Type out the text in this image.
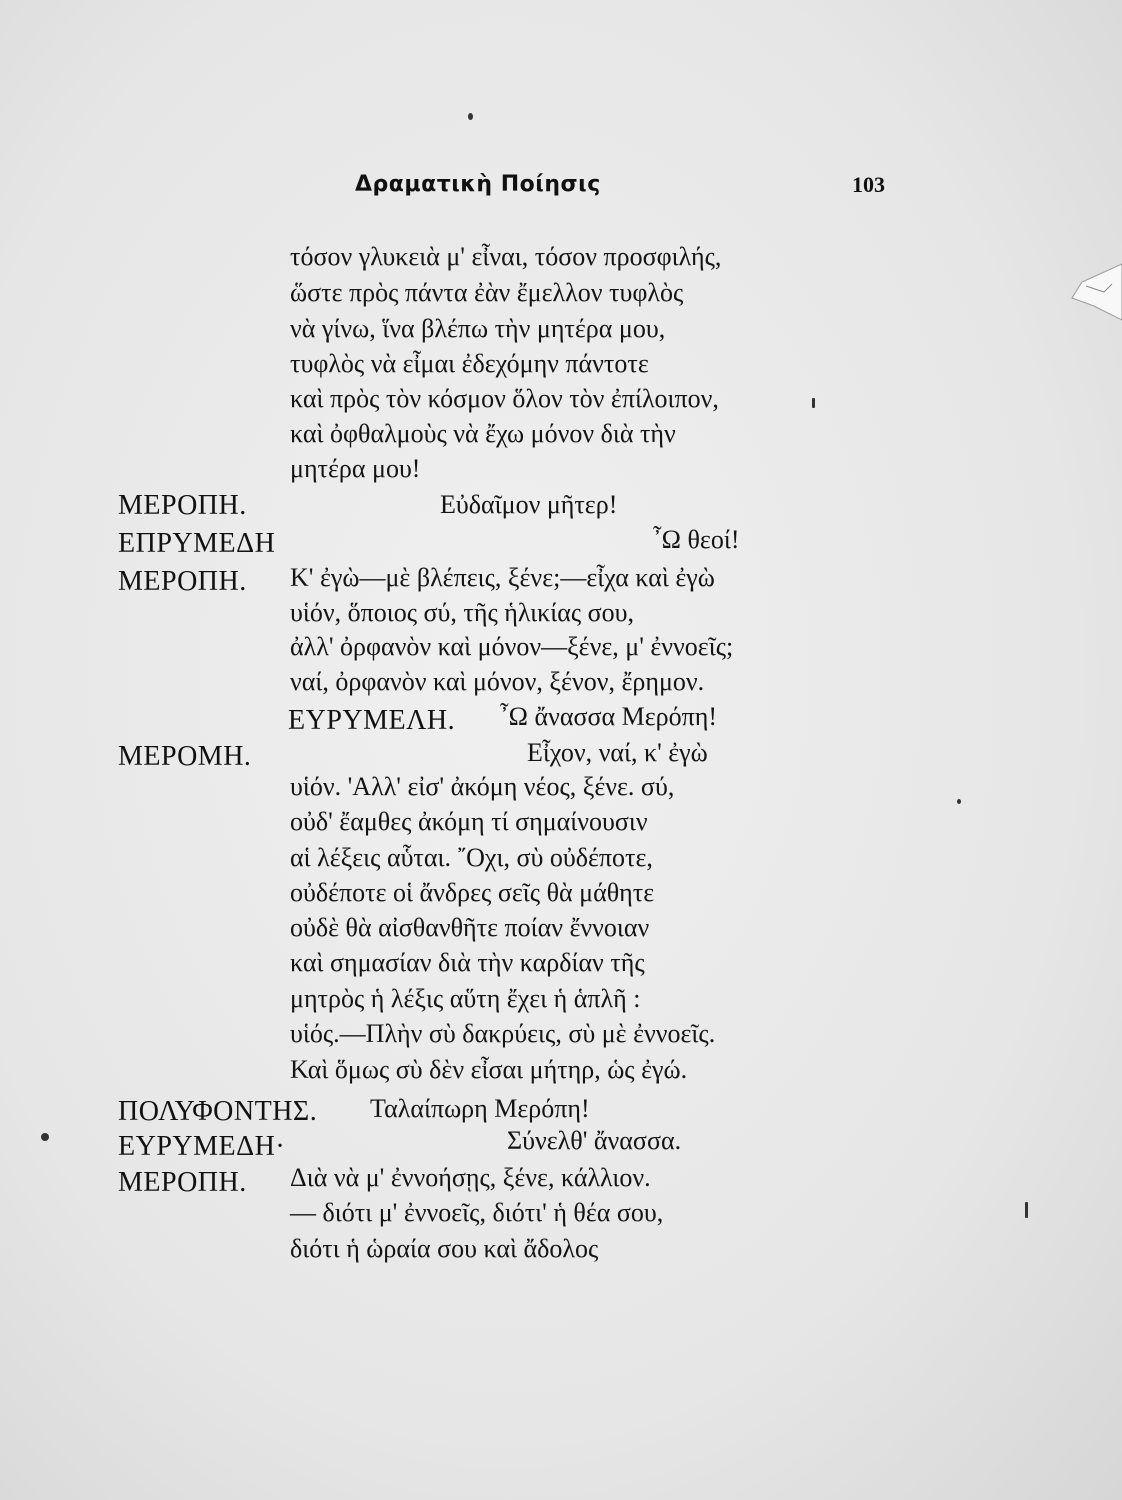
Δραματικὴ Ποίησις	103
ΜΕΡΟΠΗ.
ΕΠΡΥΜΕΔΗ
ΜΕΡΟΠΗ.
ΕΥΡΥΜΕΛΗ.
ΜΕΡΟΜΗ.
ΠΟΛΥΦΟΝΤΗΣ.
ΕΥΡΥΜΕΔΗ·
ΜΕΡΟΠΗ.
τόσον γλυκειὰ μ' εἶναι, τόσον προσφιλής,
ὥστε πρὸς πάντα ἐὰν ἔμελλον τυφλὸς
νὰ γίνω, ἵνα βλέπω τὴν μητέρα μου,
τυφλὸς νὰ εἶμαι ἐδεχόμην πάντοτε
καὶ πρὸς τὸν κόσμον ὅλον τὸν ἐπίλοιπον,
καὶ ὀφθαλμοὺς νὰ ἔχω μόνον διὰ τὴν
μητέρα μου!
Εὐδαῖμον μῆτερ!
῏Ω θεοί!
Κ' ἐγὼ—μὲ βλέπεις, ξένε;—εἶχα καὶ ἐγὼ
υἱόν, ὅποιος σύ, τῆς ἡλικίας σου,
ἀλλ' ὀρφανὸν καὶ μόνον—ξένε, μ' ἐννοεῖς;
ναί, ὀρφανὸν καὶ μόνον, ξένον, ἔρημον.
῏Ω ἄνασσα Μερόπη!
Εἶχον, ναί, κ' ἐγὼ
υἱόν. 'Αλλ' εἰσ' ἀκόμη νέος, ξένε. σύ,
οὐδ' ἔαμθες ἀκόμη τί σημαίνουσιν
αἱ λέξεις αὗται. ῎Οχι, σὺ οὐδέποτε,
οὐδέποτε οἱ ἄνδρες σεῖς θὰ μάθητε
οὐδὲ θὰ αἰσθανθῆτε ποίαν ἔννοιαν
καὶ σημασίαν διὰ τὴν καρδίαν τῆς
μητρὸς ἡ λέξις αὕτη ἔχει ἡ ἁπλῆ :
υἱός.—Πλὴν σὺ δακρύεις, σὺ μὲ ἐννοεῖς.
Καὶ ὅμως σὺ δὲν εἶσαι μήτηρ, ὡς ἐγώ.
Ταλαίπωρη Μερόπη!
Σύνελθ' ἄνασσα.
Διὰ νὰ μ' ἐννοήσῃς, ξένε, κάλλιον.
— διότι μ' ἐννοεῖς, διότι' ἡ θέα σου,
διότι ἡ ὡραία σου καὶ ἄδολος
